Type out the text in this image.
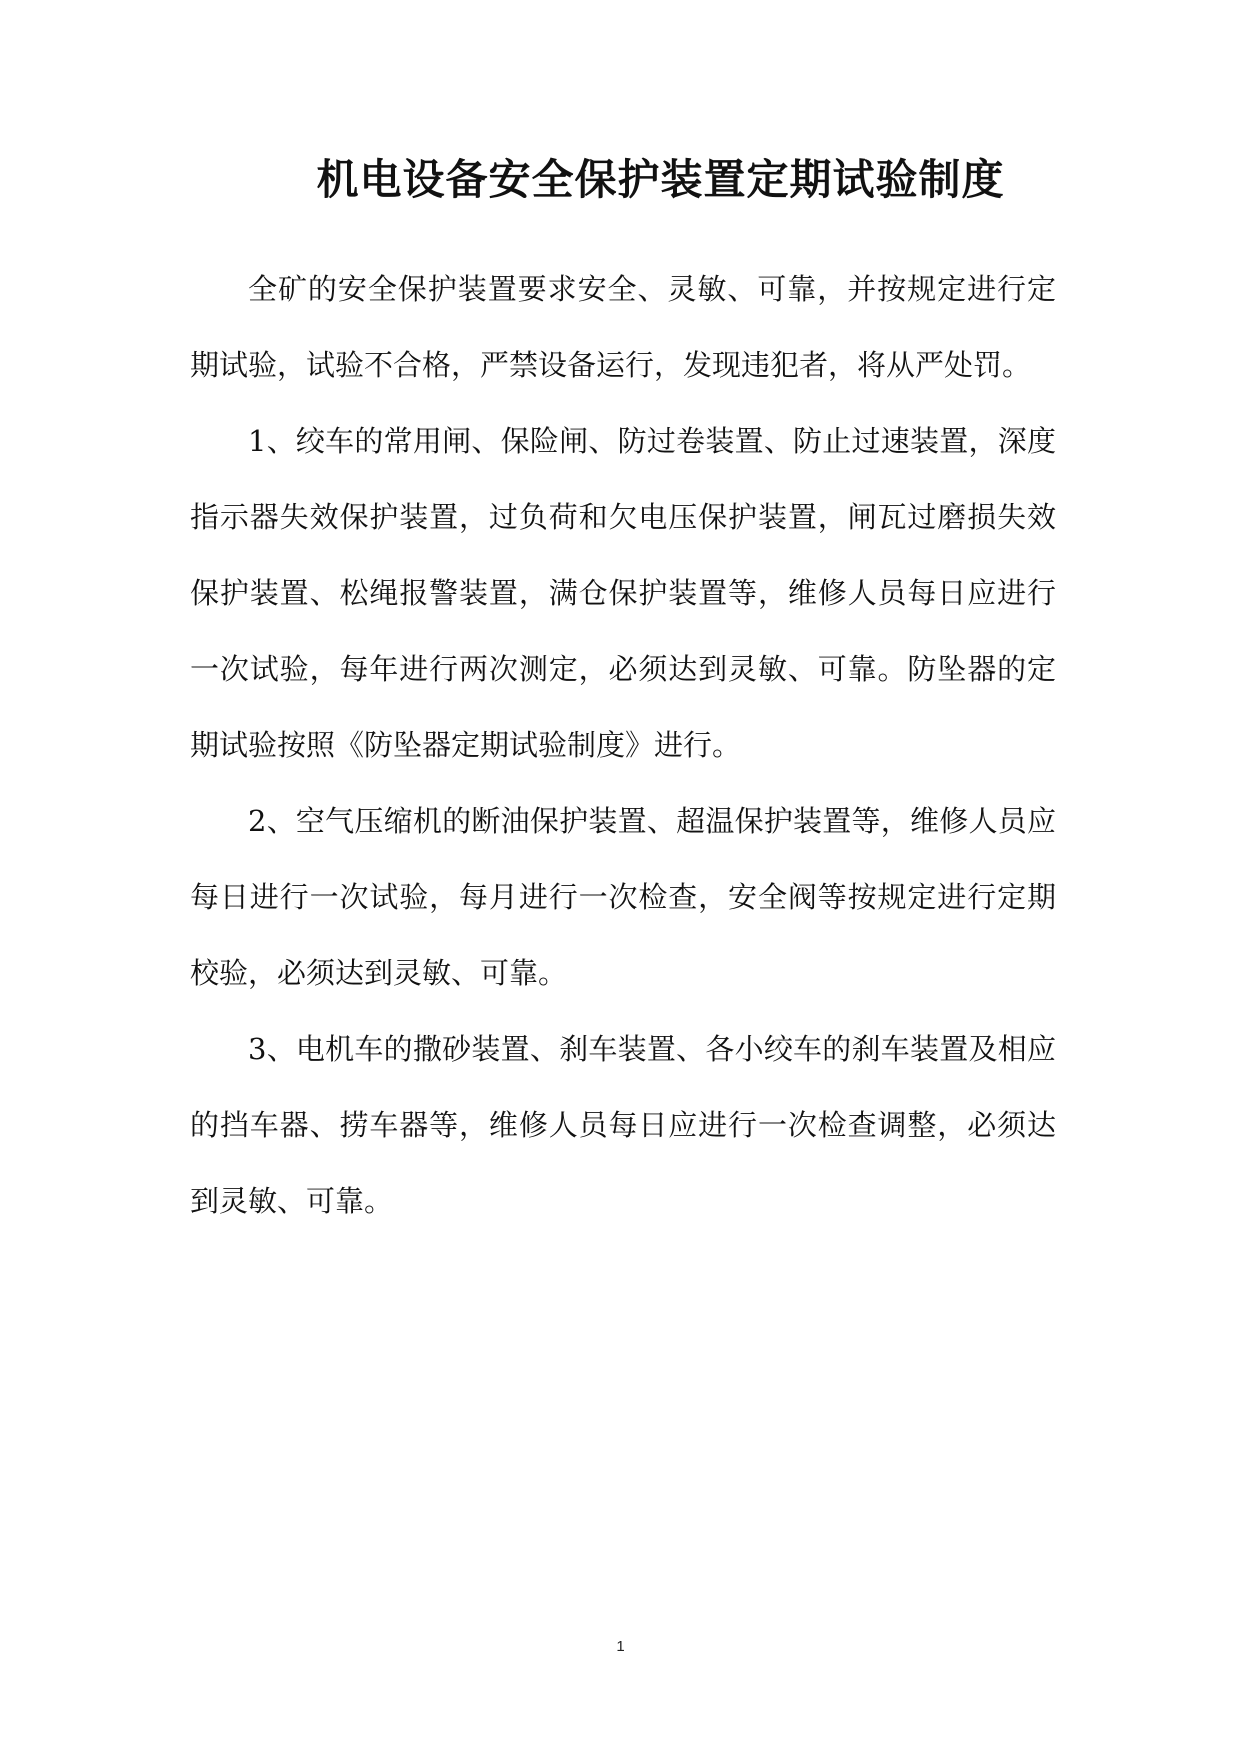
机电设备安全保护装置定期试验制度

全矿的安全保护装置要求安全、灵敏、可靠，并按规定进行定期试验，试验不合格，严禁设备运行，发现违犯者，将从严处罚。

1、绞车的常用闸、保险闸、防过卷装置、防止过速装置，深度指示器失效保护装置，过负荷和欠电压保护装置，闸瓦过磨损失效保护装置、松绳报警装置，满仓保护装置等，维修人员每日应进行一次试验，每年进行两次测定，必须达到灵敏、可靠。防坠器的定期试验按照《防坠器定期试验制度》进行。

2、空气压缩机的断油保护装置、超温保护装置等，维修人员应每日进行一次试验，每月进行一次检查，安全阀等按规定进行定期校验，必须达到灵敏、可靠。

3、电机车的撒砂装置、刹车装置、各小绞车的刹车装置及相应的挡车器、捞车器等，维修人员每日应进行一次检查调整，必须达到灵敏、可靠。

1
